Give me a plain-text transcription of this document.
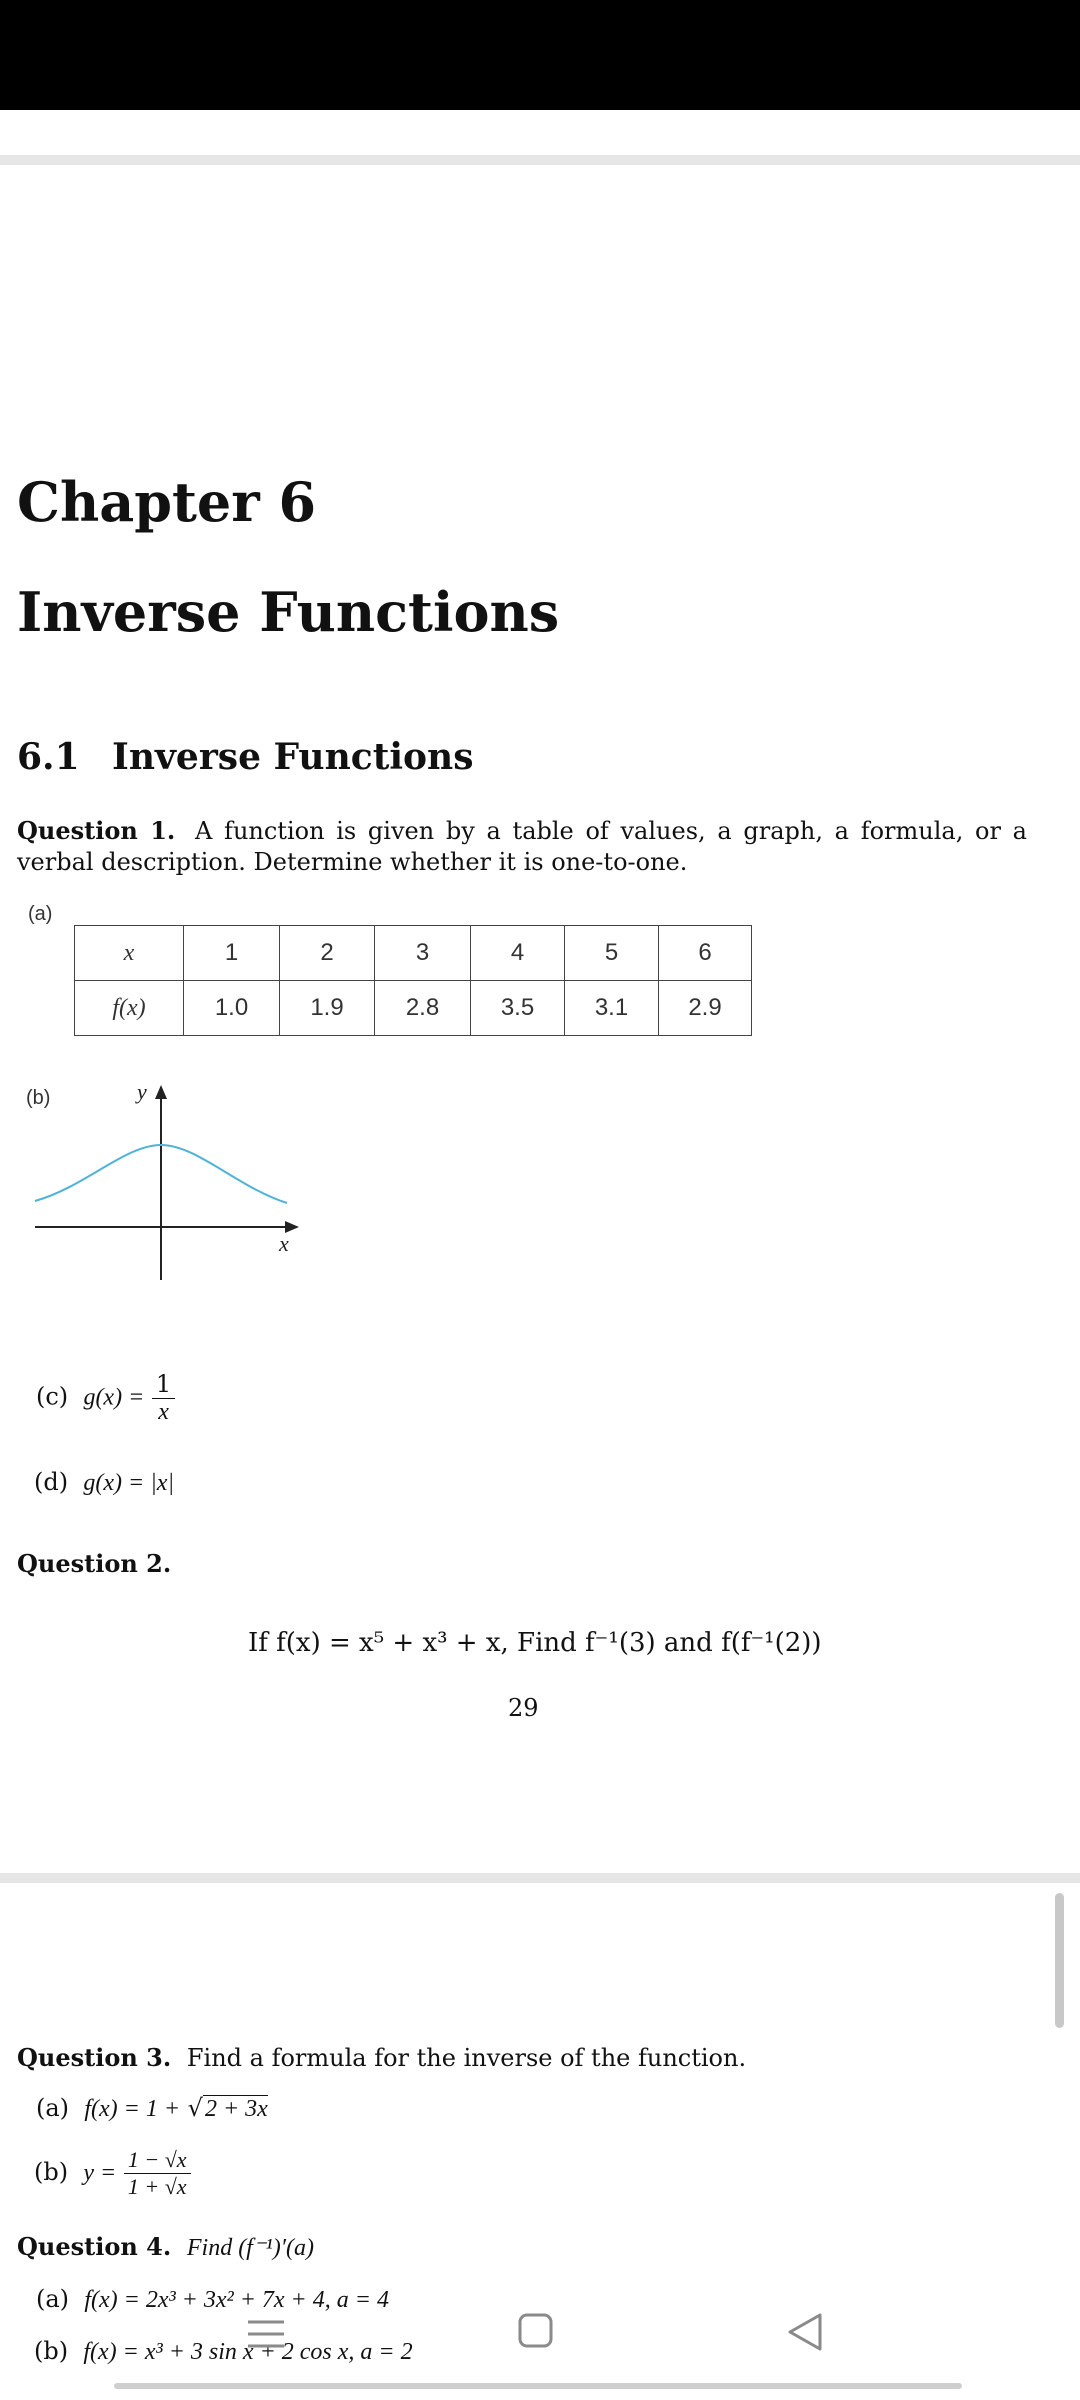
Chapter 6
Inverse Functions
6.1 Inverse Functions
Question 1. A function is given by a table of values, a graph, a formula, or a verbal description. Determine whether it is one-to-one.
(a)
x	1	2	3	4	5	6
f(x)	1.0	1.9	2.8	3.5	3.1	2.9
(b)	y
x
(c) $g(x) = \frac{1}{x}$
(d) g(x) = |x|
Question 2.
If f(x) = x⁵ + x³ + x, Find f⁻¹(3) and f(f⁻¹(2))
29
Question 3. Find a formula for the inverse of the function.
(a) f(x) = 1 + √2 + 3x
(b) $y = \frac{1 - √x}{1 + √x}$
Question 4. Find (f⁻¹)′(a)
(a) f(x) = 2x³ + 3x² + 7x + 4, a = 4
(b) f(x) = x³ + 3 sin x + 2 cos x, a = 2
